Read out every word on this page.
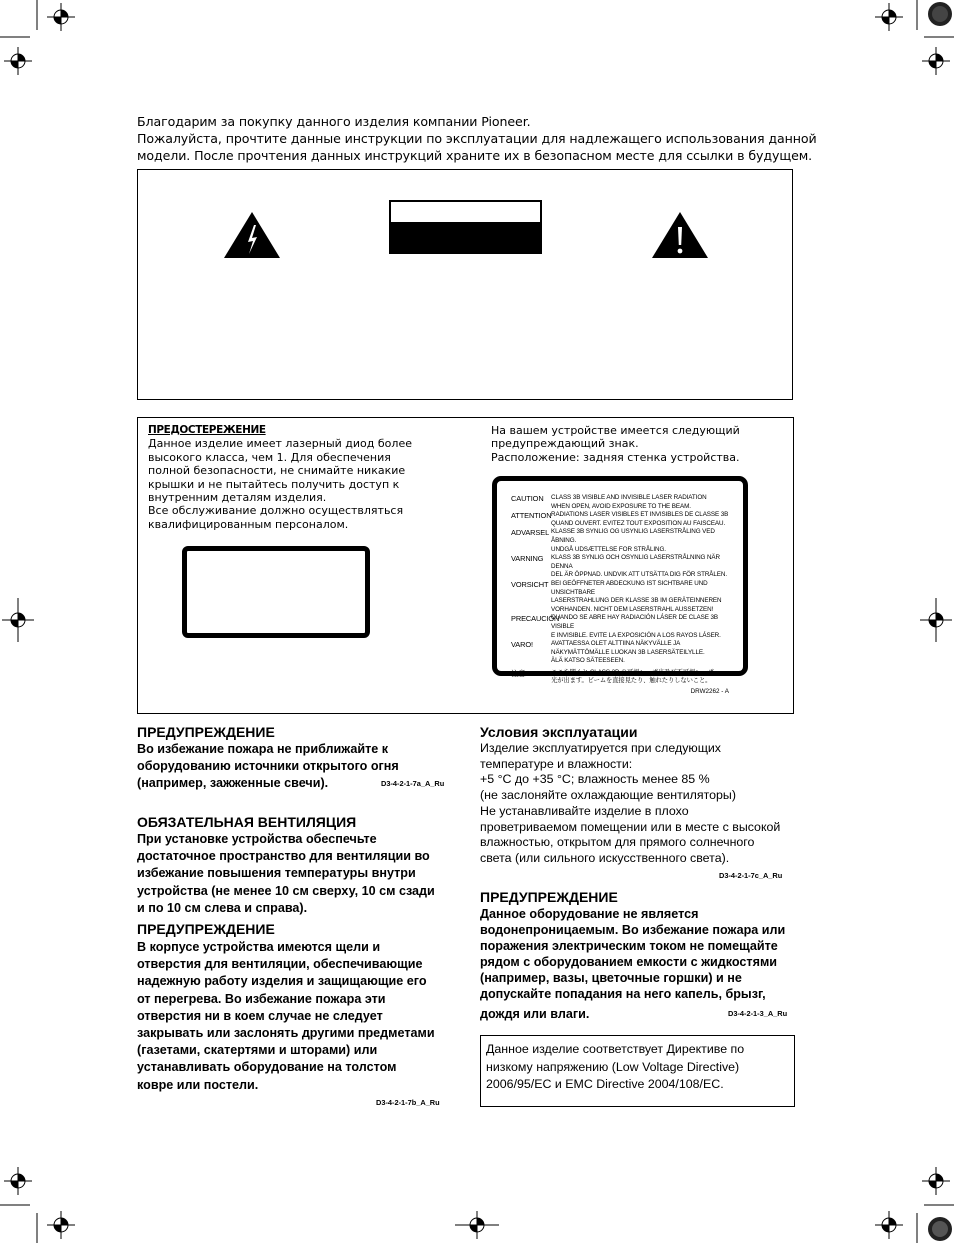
Благодарим за покупку данного изделия компании Pioneer.
Пожалуйста, прочтите данные инструкции по эксплуатации для надлежащего использования данной
модели. После прочтения данных инструкций храните их в безопасном месте для ссылки в будущем.
ПРЕДОСТЕРЕЖЕНИЕ
Данное изделие имеет лазерный диод более
высокого класса, чем 1. Для обеспечения
полной безопасности, не снимайте никакие
крышки и не пытайтесь получить доступ к
внутренним деталям изделия.
Все обслуживание должно осуществляться
квалифицированным персоналом.
На вашем устройстве имеется следующий
предупреждающий знак.
Расположение: задняя стенка устройства.
CAUTION	CLASS 3B VISIBLE AND INVISIBLE LASER RADIATION
WHEN OPEN, AVOID EXPOSURE TO THE BEAM.
ATTENTION RADIATIONS LASER VISIBLES ET INVISIBLES DE CLASSE 3B
QUAND OUVERT. EVITEZ TOUT EXPOSITION AU FAISCEAU.
ADVARSEL KLASSE 3B SYNLIG OG USYNLIG LASERSTRÅLING VED ÅBNING.
UNDGÅ UDSÆTTELSE FOR STRÅLING.
VARNING	KLASS 3B SYNLIG OCH OSYNLIG LASERSTRÅLNING NÄR DENNA
DEL ÄR ÖPPNAD. UNDVIK ATT UTSÄTTA DIG FÖR STRÅLEN.
VORSICHT BEI GEÖFFNETER ABDECKUNG IST SICHTBARE UND UNSICHTBARE
LASERSTRAHLUNG DER KLASSE 3B IM GERÄTEINNEREN
VORHANDEN. NICHT DEM LASERSTRAHL AUSSETZEN!
PRECAUCIÓN
CUANDO SE ABRE HAY RADIACIÓN LÁSER DE CLASE 3B VISIBLE
E INVISIBLE. EVITE LA EXPOSICIÓN A LOS RAYOS LÁSER.
VARO!	AVATTAESSA OLET ALTTIINA NÄKYVÄLLE JA
NÄKYMÄTTÖMÄLLE LUOKAN 3B LASERSÄTEILYLLE.
ÄLÄ KATSO SÄTEESEEN.
注意	ここを開くと CLASS 3B の可視レーザ光及び不可視レーザ
光が出ます。ビームを直接見たり、触れたりしないこと。
DRW2262 - A
ПРЕДУПРЕЖДЕНИЕ
Во избежание пожара не приближайте к
оборудованию источники открытого огня
(например, зажженные свечи).	D3-4-2-1-7a_A_Ru
ОБЯЗАТЕЛЬНАЯ ВЕНТИЛЯЦИЯ
При установке устройства обеспечьте
достаточное пространство для вентиляции во
избежание повышения температуры внутри
устройства (не менее 10 см сверху, 10 см сзади
и по 10 см слева и справа).
ПРЕДУПРЕЖДЕНИЕ
В корпусе устройства имеются щели и
отверстия для вентиляции, обеспечивающие
надежную работу изделия и защищающие его
от перегрева. Во избежание пожара эти
отверстия ни в коем случае не следует
закрывать или заслонять другими предметами
(газетами, скатертями и шторами) или
устанавливать оборудование на толстом
ковре или постели.
D3-4-2-1-7b_A_Ru
Условия эксплуатации
Изделие эксплуатируется при следующих
температуре и влажности:
+5 °C до +35 °C; влажность менее 85 %
(не заслоняйте охлаждающие вентиляторы)
Не устанавливайте изделие в плохо
проветриваемом помещении или в месте с высокой
влажностью, открытом для прямого солнечного
света (или сильного искусственного света).
D3-4-2-1-7c_A_Ru
ПРЕДУПРЕЖДЕНИЕ
Данное оборудование не является
водонепроницаемым. Во избежание пожара или
поражения электрическим током не помещайте
рядом с оборудованием емкости с жидкостями
(например, вазы, цветочные горшки) и не
допускайте попадания на него капель, брызг,
дождя или влаги.	D3-4-2-1-3_A_Ru
Данное изделие соответствует Директиве по
низкому напряжению (Low Voltage Directive)
2006/95/EC и EMC Directive 2004/108/EC.
